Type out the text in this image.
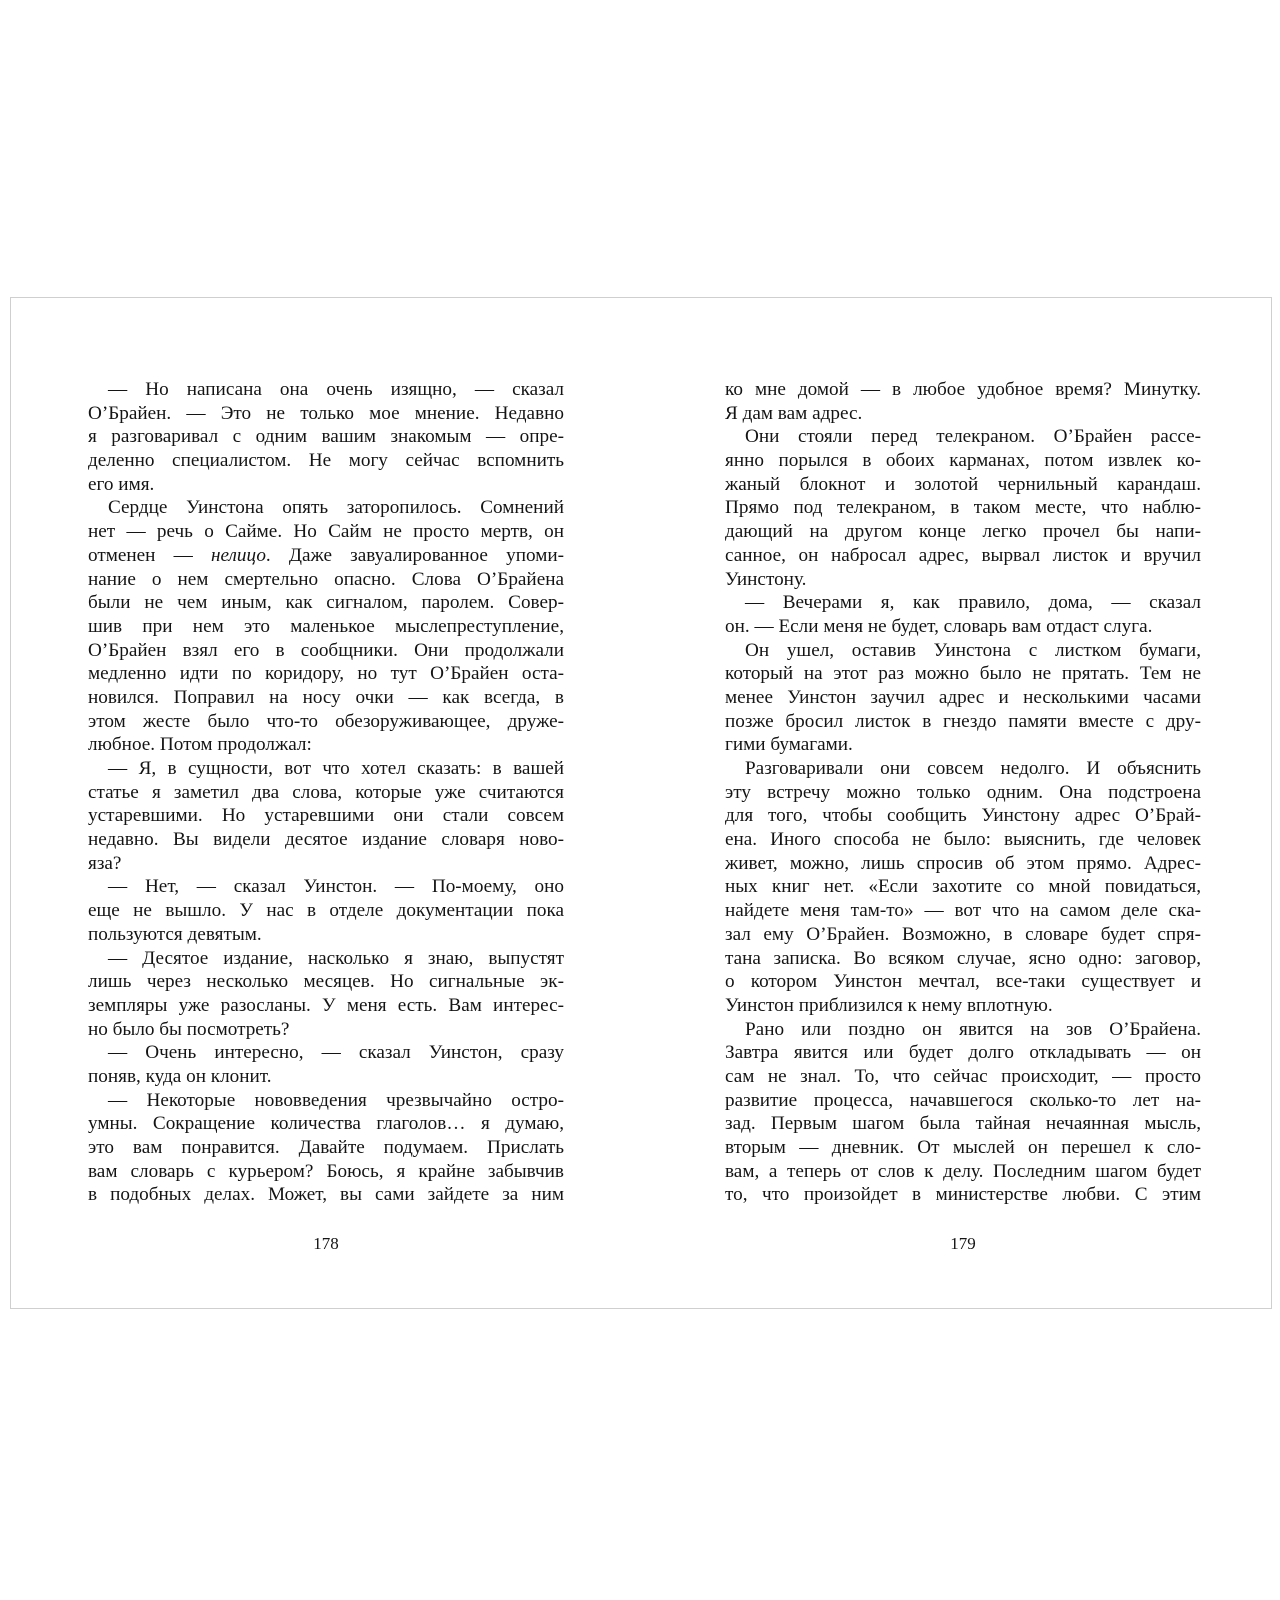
— Но написана она очень изящно, — сказал
О’Брайен. — Это не только мое мнение. Недавно
я разговаривал с одним вашим знакомым — опре-
деленно специалистом. Не могу сейчас вспомнить
его имя.
Сердце Уинстона опять заторопилось. Сомнений
нет — речь о Сайме. Но Сайм не просто мертв, он
отменен — нелицо. Даже завуалированное упоми-
нание о нем смертельно опасно. Слова О’Брайена
были не чем иным, как сигналом, паролем. Совер-
шив при нем это маленькое мыслепреступление,
О’Брайен взял его в сообщники. Они продолжали
медленно идти по коридору, но тут О’Брайен оста-
новился. Поправил на носу очки — как всегда, в
этом жесте было что-то обезоруживающее, друже-
любное. Потом продолжал:
— Я, в сущности, вот что хотел сказать: в вашей
статье я заметил два слова, которые уже считаются
устаревшими. Но устаревшими они стали совсем
недавно. Вы видели десятое издание словаря ново-
яза?
— Нет, — сказал Уинстон. — По-моему, оно
еще не вышло. У нас в отделе документации пока
пользуются девятым.
— Десятое издание, насколько я знаю, выпустят
лишь через несколько месяцев. Но сигнальные эк-
земпляры уже разосланы. У меня есть. Вам интерес-
но было бы посмотреть?
— Очень интересно, — сказал Уинстон, сразу
поняв, куда он клонит.
— Некоторые нововведения чрезвычайно остро-
умны. Сокращение количества глаголов… я думаю,
это вам понравится. Давайте подумаем. Прислать
вам словарь с курьером? Боюсь, я крайне забывчив
в подобных делах. Может, вы сами зайдете за ним
178
ко мне домой — в любое удобное время? Минутку.
Я дам вам адрес.
Они стояли перед телекраном. О’Брайен рассе-
янно порылся в обоих карманах, потом извлек ко-
жаный блокнот и золотой чернильный карандаш.
Прямо под телекраном, в таком месте, что наблю-
дающий на другом конце легко прочел бы напи-
санное, он набросал адрес, вырвал листок и вручил
Уинстону.
— Вечерами я, как правило, дома, — сказал
он. — Если меня не будет, словарь вам отдаст слуга.
Он ушел, оставив Уинстона с листком бумаги,
который на этот раз можно было не прятать. Тем не
менее Уинстон заучил адрес и несколькими часами
позже бросил листок в гнездо памяти вместе с дру-
гими бумагами.
Разговаривали они совсем недолго. И объяснить
эту встречу можно только одним. Она подстроена
для того, чтобы сообщить Уинстону адрес О’Брай-
ена. Иного способа не было: выяснить, где человек
живет, можно, лишь спросив об этом прямо. Адрес-
ных книг нет. «Если захотите со мной повидаться,
найдете меня там-то» — вот что на самом деле ска-
зал ему О’Брайен. Возможно, в словаре будет спря-
тана записка. Во всяком случае, ясно одно: заговор,
о котором Уинстон мечтал, все-таки существует и
Уинстон приблизился к нему вплотную.
Рано или поздно он явится на зов О’Брайена.
Завтра явится или будет долго откладывать — он
сам не знал. То, что сейчас происходит, — просто
развитие процесса, начавшегося сколько-то лет на-
зад. Первым шагом была тайная нечаянная мысль,
вторым — дневник. От мыслей он перешел к сло-
вам, а теперь от слов к делу. Последним шагом будет
то, что произойдет в министерстве любви. С этим
179
